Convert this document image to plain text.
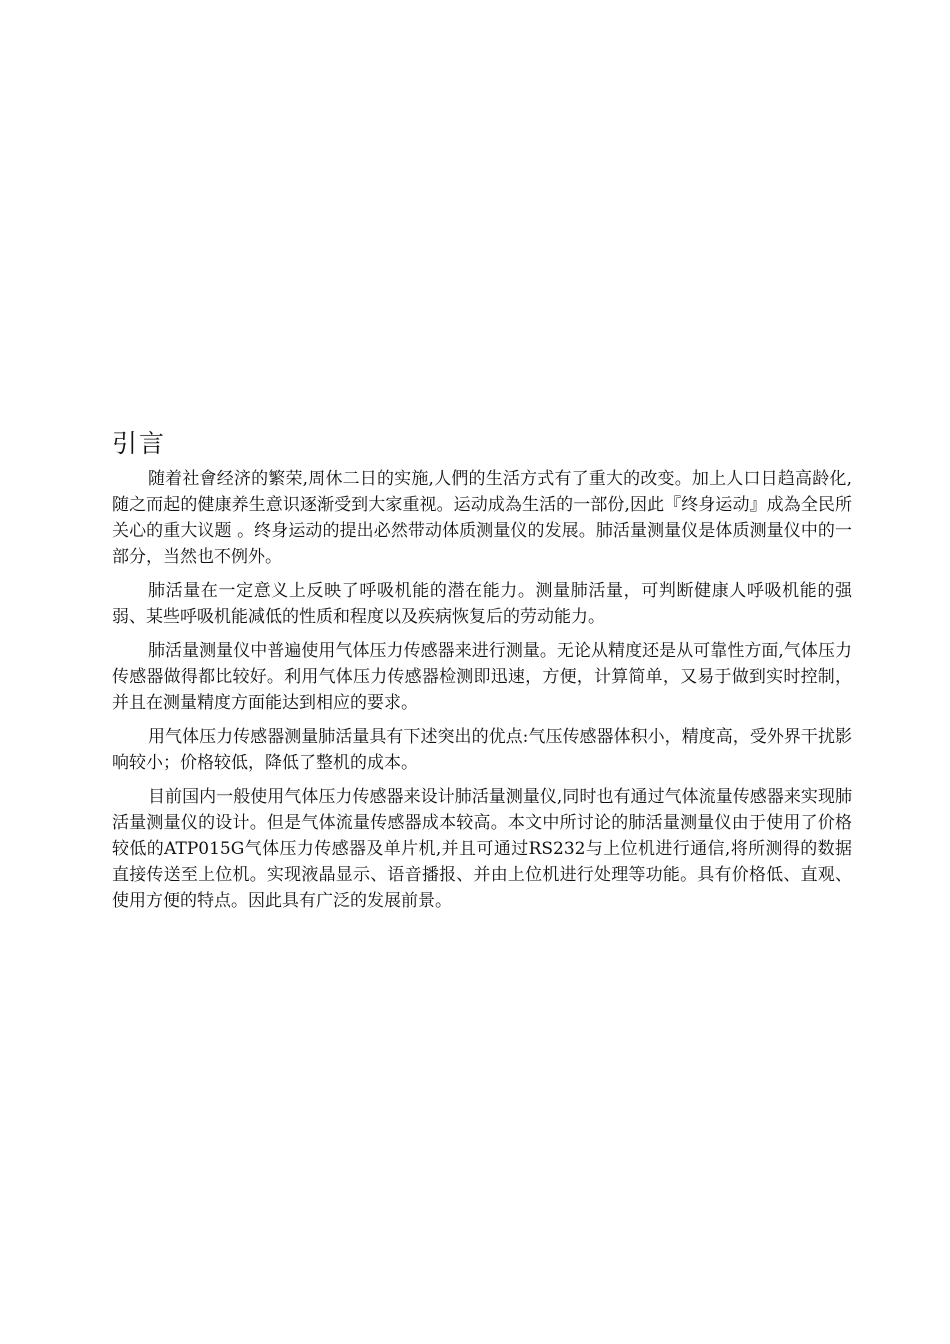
引言

随着社會经济的繁荣,周休二日的实施,人們的生活方式有了重大的改变。加上人口日趋高龄化,随之而起的健康养生意识逐渐受到大家重视。运动成為生活的一部份,因此『终身运动』成為全民所关心的重大议题 。终身运动的提出必然带动体质测量仪的发展。肺活量测量仪是体质测量仪中的一部分，当然也不例外。

肺活量在一定意义上反映了呼吸机能的潜在能力。测量肺活量，可判断健康人呼吸机能的强弱、某些呼吸机能减低的性质和程度以及疾病恢复后的劳动能力。

肺活量测量仪中普遍使用气体压力传感器来进行测量。无论从精度还是从可靠性方面,气体压力传感器做得都比较好。利用气体压力传感器检测即迅速，方便，计算简单，又易于做到实时控制，并且在测量精度方面能达到相应的要求。

用气体压力传感器测量肺活量具有下述突出的优点:气压传感器体积小，精度高，受外界干扰影响较小；价格较低，降低了整机的成本。

目前国内一般使用气体压力传感器来设计肺活量测量仪,同时也有通过气体流量传感器来实现肺活量测量仪的设计。但是气体流量传感器成本较高。本文中所讨论的肺活量测量仪由于使用了价格较低的ATP015G气体压力传感器及单片机,并且可通过RS232与上位机进行通信,将所测得的数据直接传送至上位机。实现液晶显示、语音播报、并由上位机进行处理等功能。具有价格低、直观、使用方便的特点。因此具有广泛的发展前景。
